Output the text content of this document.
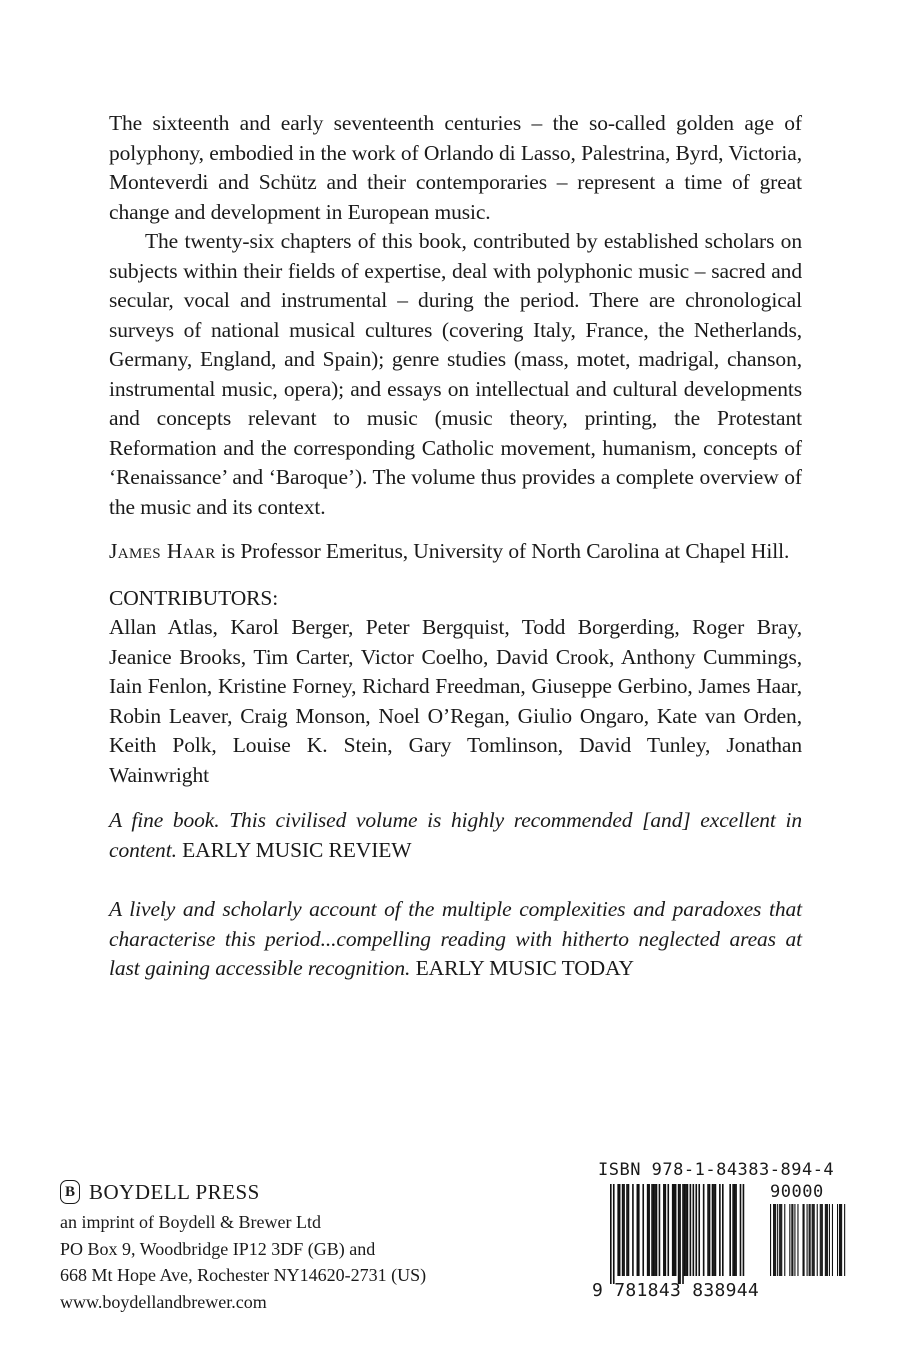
The sixteenth and early seventeenth centuries – the so-called golden age of polyphony, embodied in the work of Orlando di Lasso, Palestrina, Byrd, Victoria, Monteverdi and Schütz and their contemporaries – represent a time of great change and development in European music.

The twenty-six chapters of this book, contributed by established scholars on subjects within their fields of expertise, deal with polyphonic music – sacred and secular, vocal and instrumental – during the period. There are chronological surveys of national musical cultures (covering Italy, France, the Netherlands, Germany, England, and Spain); genre studies (mass, motet, madrigal, chanson, instrumental music, opera); and essays on intellectual and cultural developments and concepts relevant to music (music theory, printing, the Protestant Reformation and the corresponding Catholic movement, humanism, concepts of ‘Renaissance’ and ‘Baroque’). The volume thus provides a complete overview of the music and its context.

James Haar is Professor Emeritus, University of North Carolina at Chapel Hill.

CONTRIBUTORS:

Allan Atlas, Karol Berger, Peter Bergquist, Todd Borgerding, Roger Bray, Jeanice Brooks, Tim Carter, Victor Coelho, David Crook, Anthony Cummings, Iain Fenlon, Kristine Forney, Richard Freedman, Giuseppe Gerbino, James Haar, Robin Leaver, Craig Monson, Noel O’Regan, Giulio Ongaro, Kate van Orden, Keith Polk, Louise K. Stein, Gary Tomlinson, David Tunley, Jonathan Wainwright

A fine book. This civilised volume is highly recommended [and] excellent in content. EARLY MUSIC REVIEW

A lively and scholarly account of the multiple complexities and paradoxes that characterise this period...compelling reading with hitherto neglected areas at last gaining accessible recognition. EARLY MUSIC TODAY

B BOYDELL PRESS
an imprint of Boydell & Brewer Ltd
PO Box 9, Woodbridge IP12 3DF (GB) and
668 Mt Hope Ave, Rochester NY14620-2731 (US)
www.boydellandbrewer.com
ISBN 978-1-84383-894-4
90000
9 781843 838944
